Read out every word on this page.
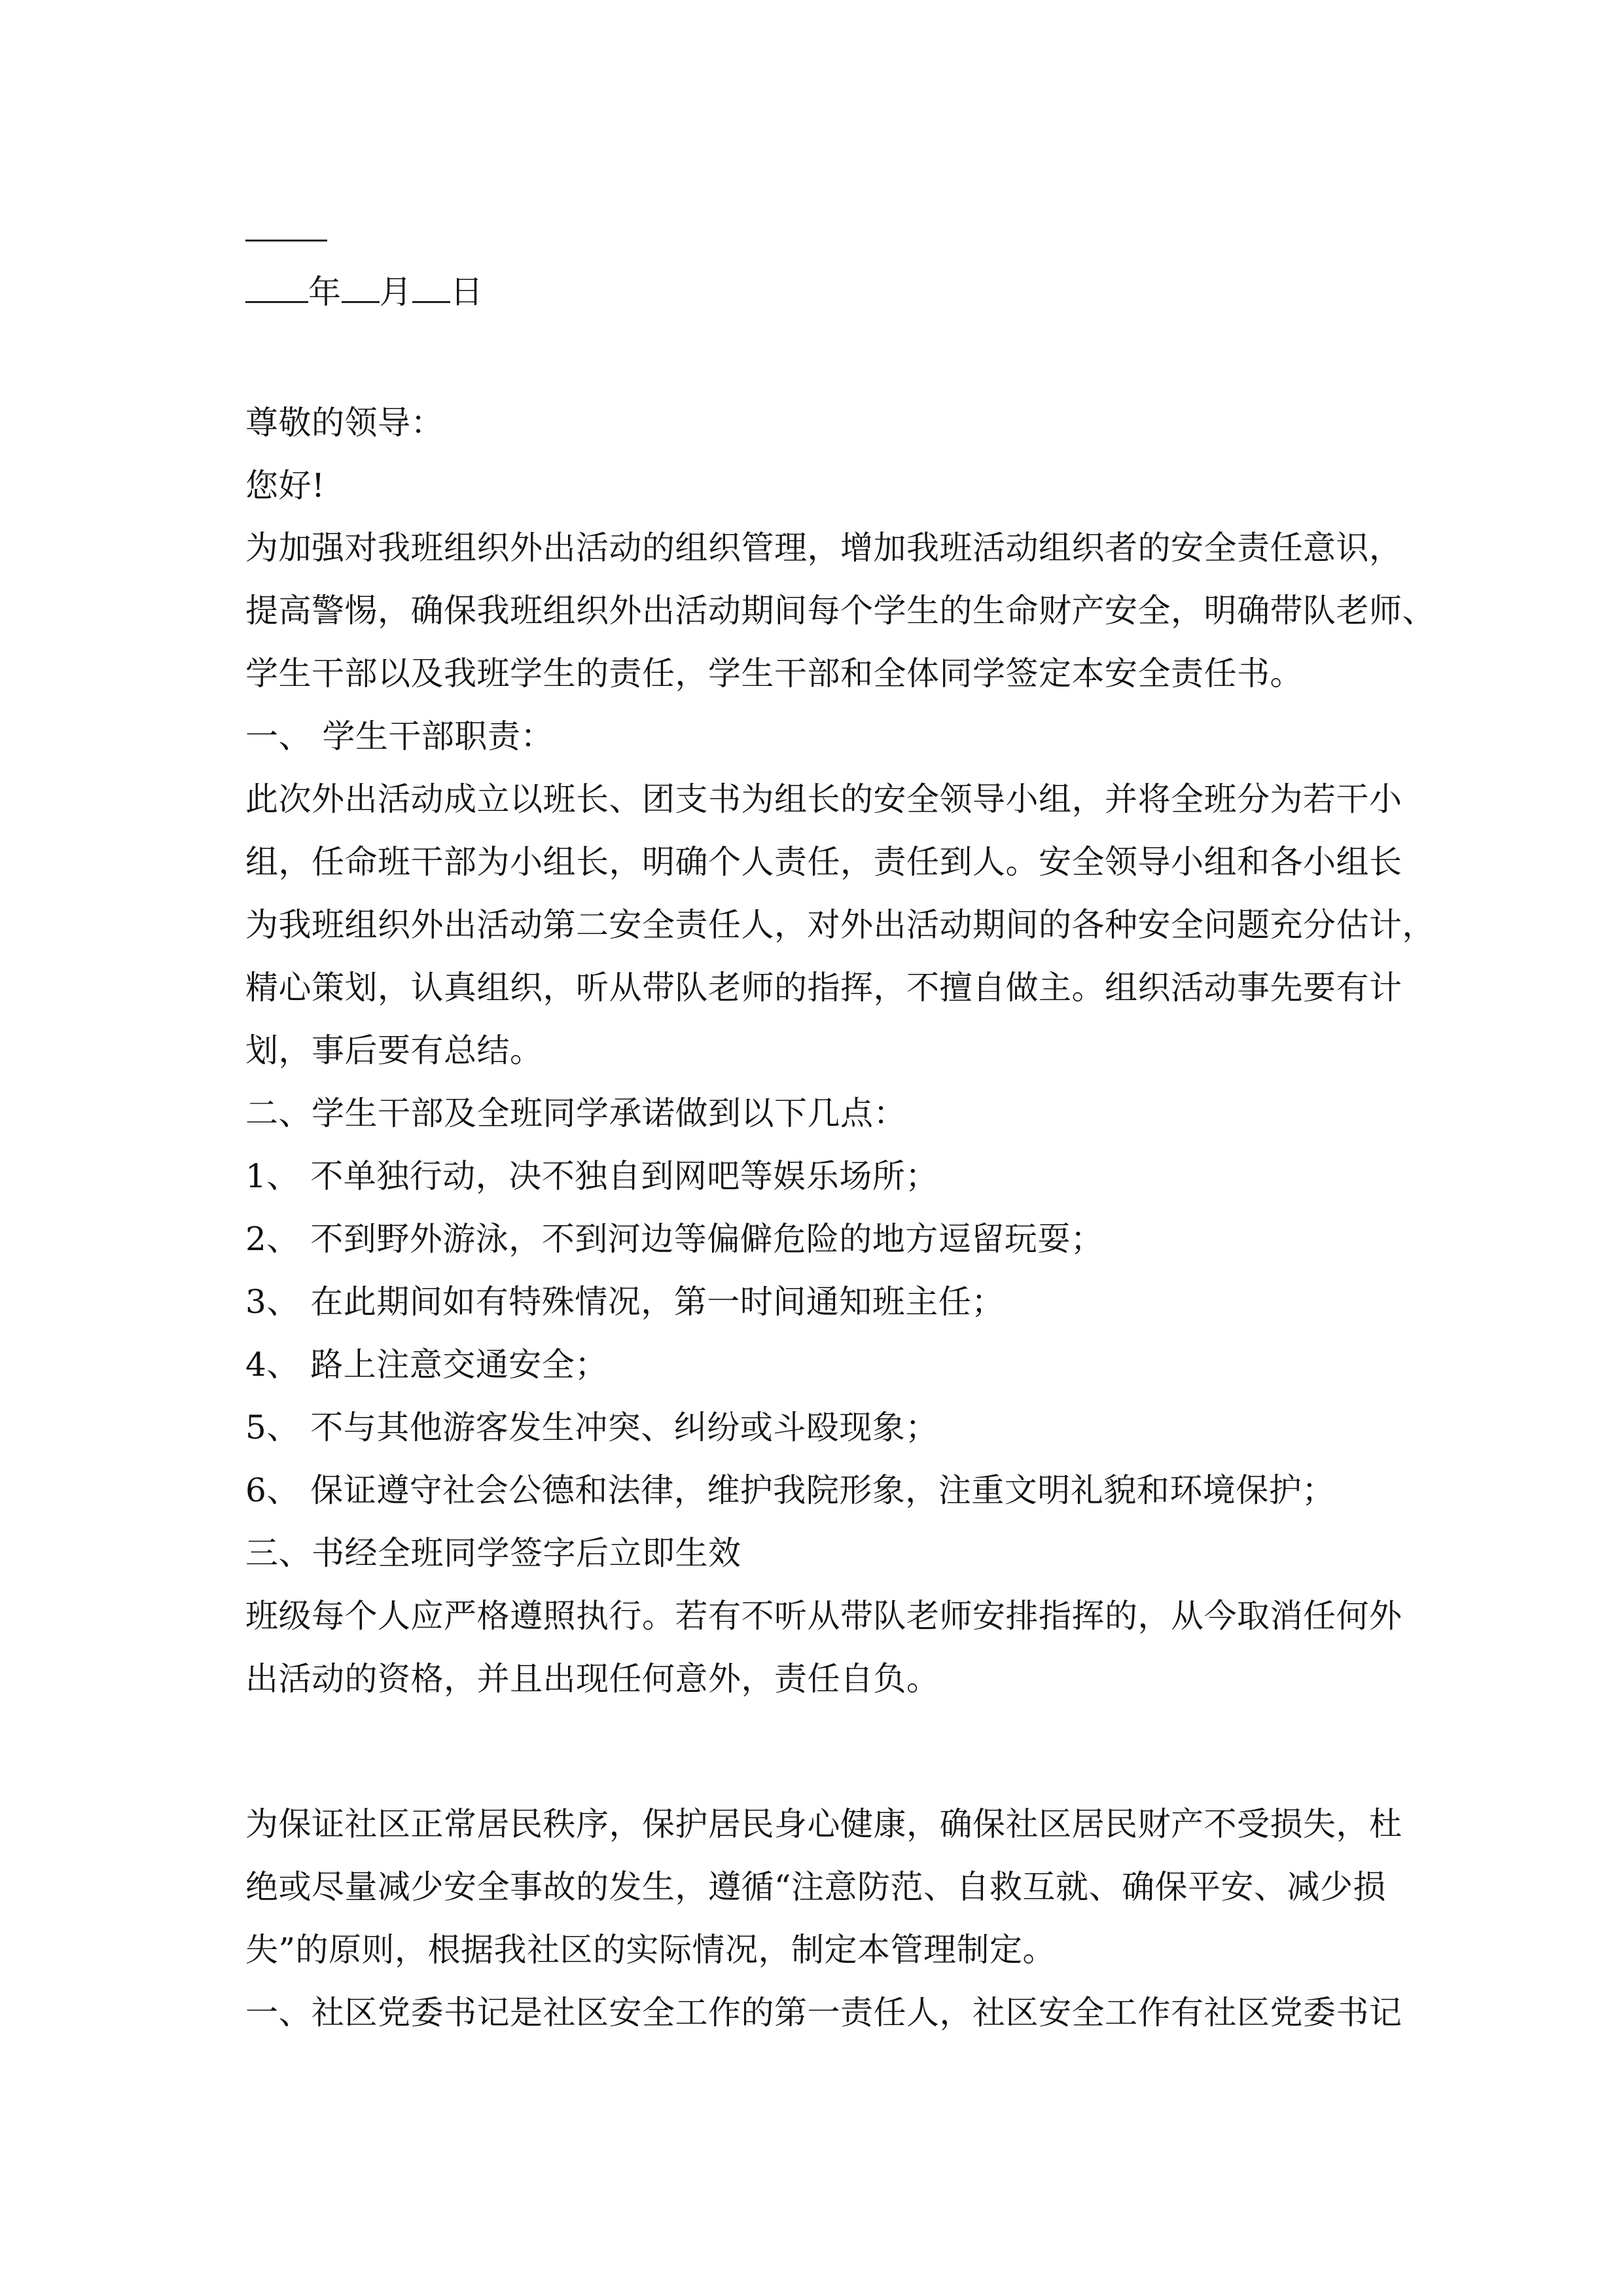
年 月 日
尊敬的领导：
您好!
为加强对我班组织外出活动的组织管理，增加我班活动组织者的安全责任意识，
提高警惕，确保我班组织外出活动期间每个学生的生命财产安全，明确带队老师、
学生干部以及我班学生的责任，学生干部和全体同学签定本安全责任书。
一、 学生干部职责：
此次外出活动成立以班长、团支书为组长的安全领导小组，并将全班分为若干小
组，任命班干部为小组长，明确个人责任，责任到人。安全领导小组和各小组长
为我班组织外出活动第二安全责任人，对外出活动期间的各种安全问题充分估计，
精心策划，认真组织，听从带队老师的指挥，不擅自做主。组织活动事先要有计
划，事后要有总结。
二、学生干部及全班同学承诺做到以下几点：
1、 不单独行动，决不独自到网吧等娱乐场所；
2、 不到野外游泳，不到河边等偏僻危险的地方逗留玩耍；
3、 在此期间如有特殊情况，第一时间通知班主任；
4、 路上注意交通安全；
5、 不与其他游客发生冲突、纠纷或斗殴现象；
6、 保证遵守社会公德和法律，维护我院形象，注重文明礼貌和环境保护；
三、书经全班同学签字后立即生效
班级每个人应严格遵照执行。若有不听从带队老师安排指挥的，从今取消任何外
出活动的资格，并且出现任何意外，责任自负。
为保证社区正常居民秩序，保护居民身心健康，确保社区居民财产不受损失，杜
绝或尽量减少安全事故的发生，遵循“注意防范、自救互就、确保平安、减少损
失”的原则，根据我社区的实际情况，制定本管理制定。
一、社区党委书记是社区安全工作的第一责任人，社区安全工作有社区党委书记
